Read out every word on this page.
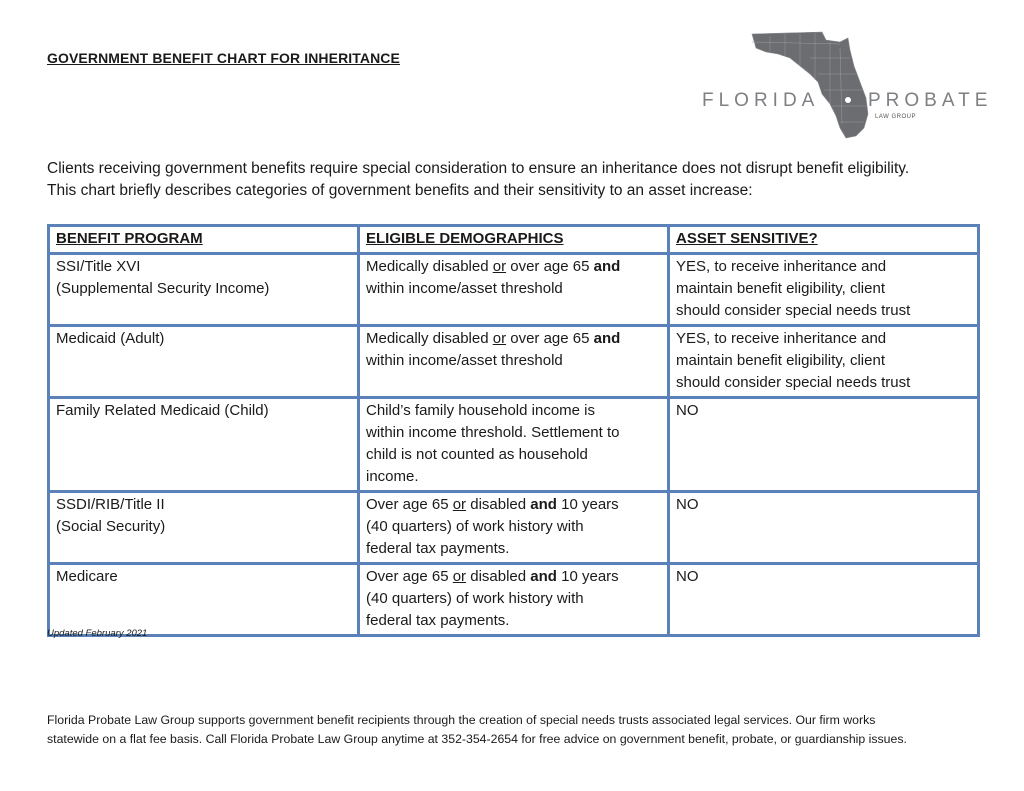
GOVERNMENT BENEFIT CHART FOR INHERITANCE
FLORIDA	PROBATE
LAW GROUP

Clients receiving government benefits require special consideration to ensure an inheritance does not disrupt benefit eligibility.

This chart briefly describes categories of government benefits and their sensitivity to an asset increase:

BENEFIT PROGRAM	ELIGIBLE DEMOGRAPHICS	ASSET SENSITIVE?

SSI/Title XVI
(Supplemental Security Income)	Medically disabled or over age 65 and
within income/asset threshold	YES, to receive inheritance and
maintain benefit eligibility, client
should consider special needs trust

Medicaid (Adult)	Medically disabled or over age 65 and
within income/asset threshold	YES, to receive inheritance and
maintain benefit eligibility, client
should consider special needs trust

Family Related Medicaid (Child)	Child’s family household income is
within income threshold. Settlement to
child is not counted as household
income.	NO

SSDI/RIB/Title II
(Social Security)	Over age 65 or disabled and 10 years
(40 quarters) of work history with
federal tax payments.	NO

Medicare	Over age 65 or disabled and 10 years
(40 quarters) of work history with
federal tax payments.	NO
Updated February 2021

Florida Probate Law Group supports government benefit recipients through the creation of special needs trusts associated legal services. Our firm works

statewide on a flat fee basis. Call Florida Probate Law Group anytime at 352-354-2654 for free advice on government benefit, probate, or guardianship issues.
